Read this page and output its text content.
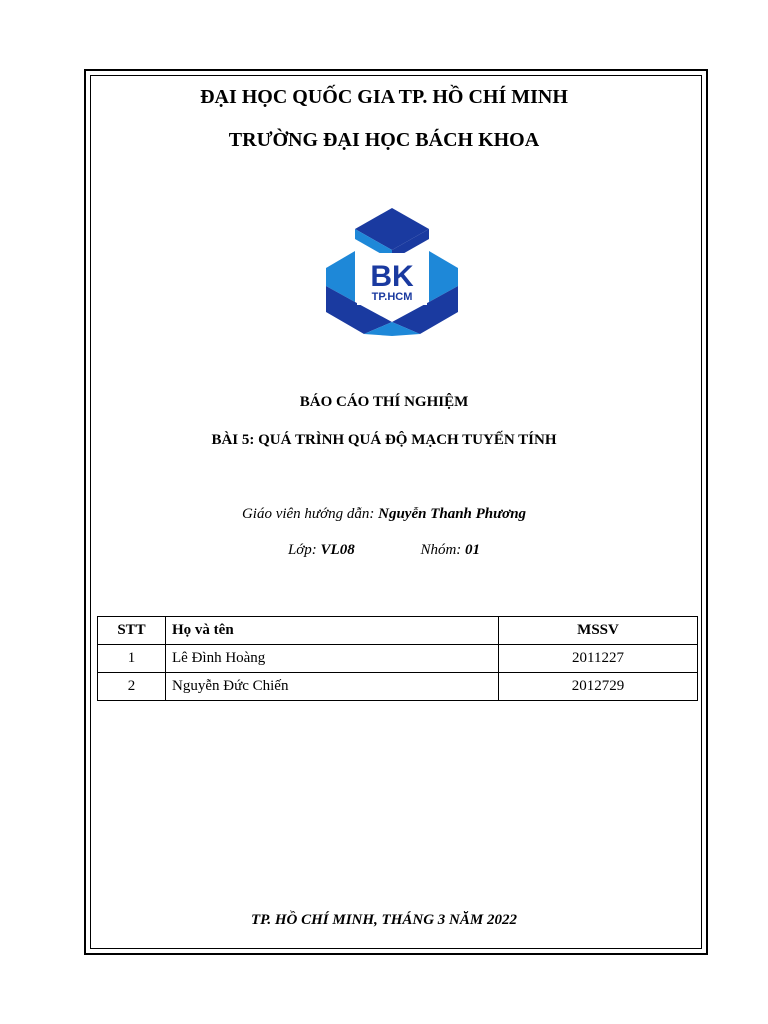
ĐẠI HỌC QUỐC GIA TP. HỒ CHÍ MINH
TRƯỜNG ĐẠI HỌC BÁCH KHOA
BK
TP.HCM
BÁO CÁO THÍ NGHIỆM
BÀI 5: QUÁ TRÌNH QUÁ ĐỘ MẠCH TUYẾN TÍNH
Giáo viên hướng dẫn: Nguyễn Thanh Phương
Lớp: VL08	Nhóm: 01
STT	Họ và tên	MSSV
1	Lê Đình Hoàng	2011227
2	Nguyễn Đức Chiến	2012729
TP. HỒ CHÍ MINH, THÁNG 3 NĂM 2022
